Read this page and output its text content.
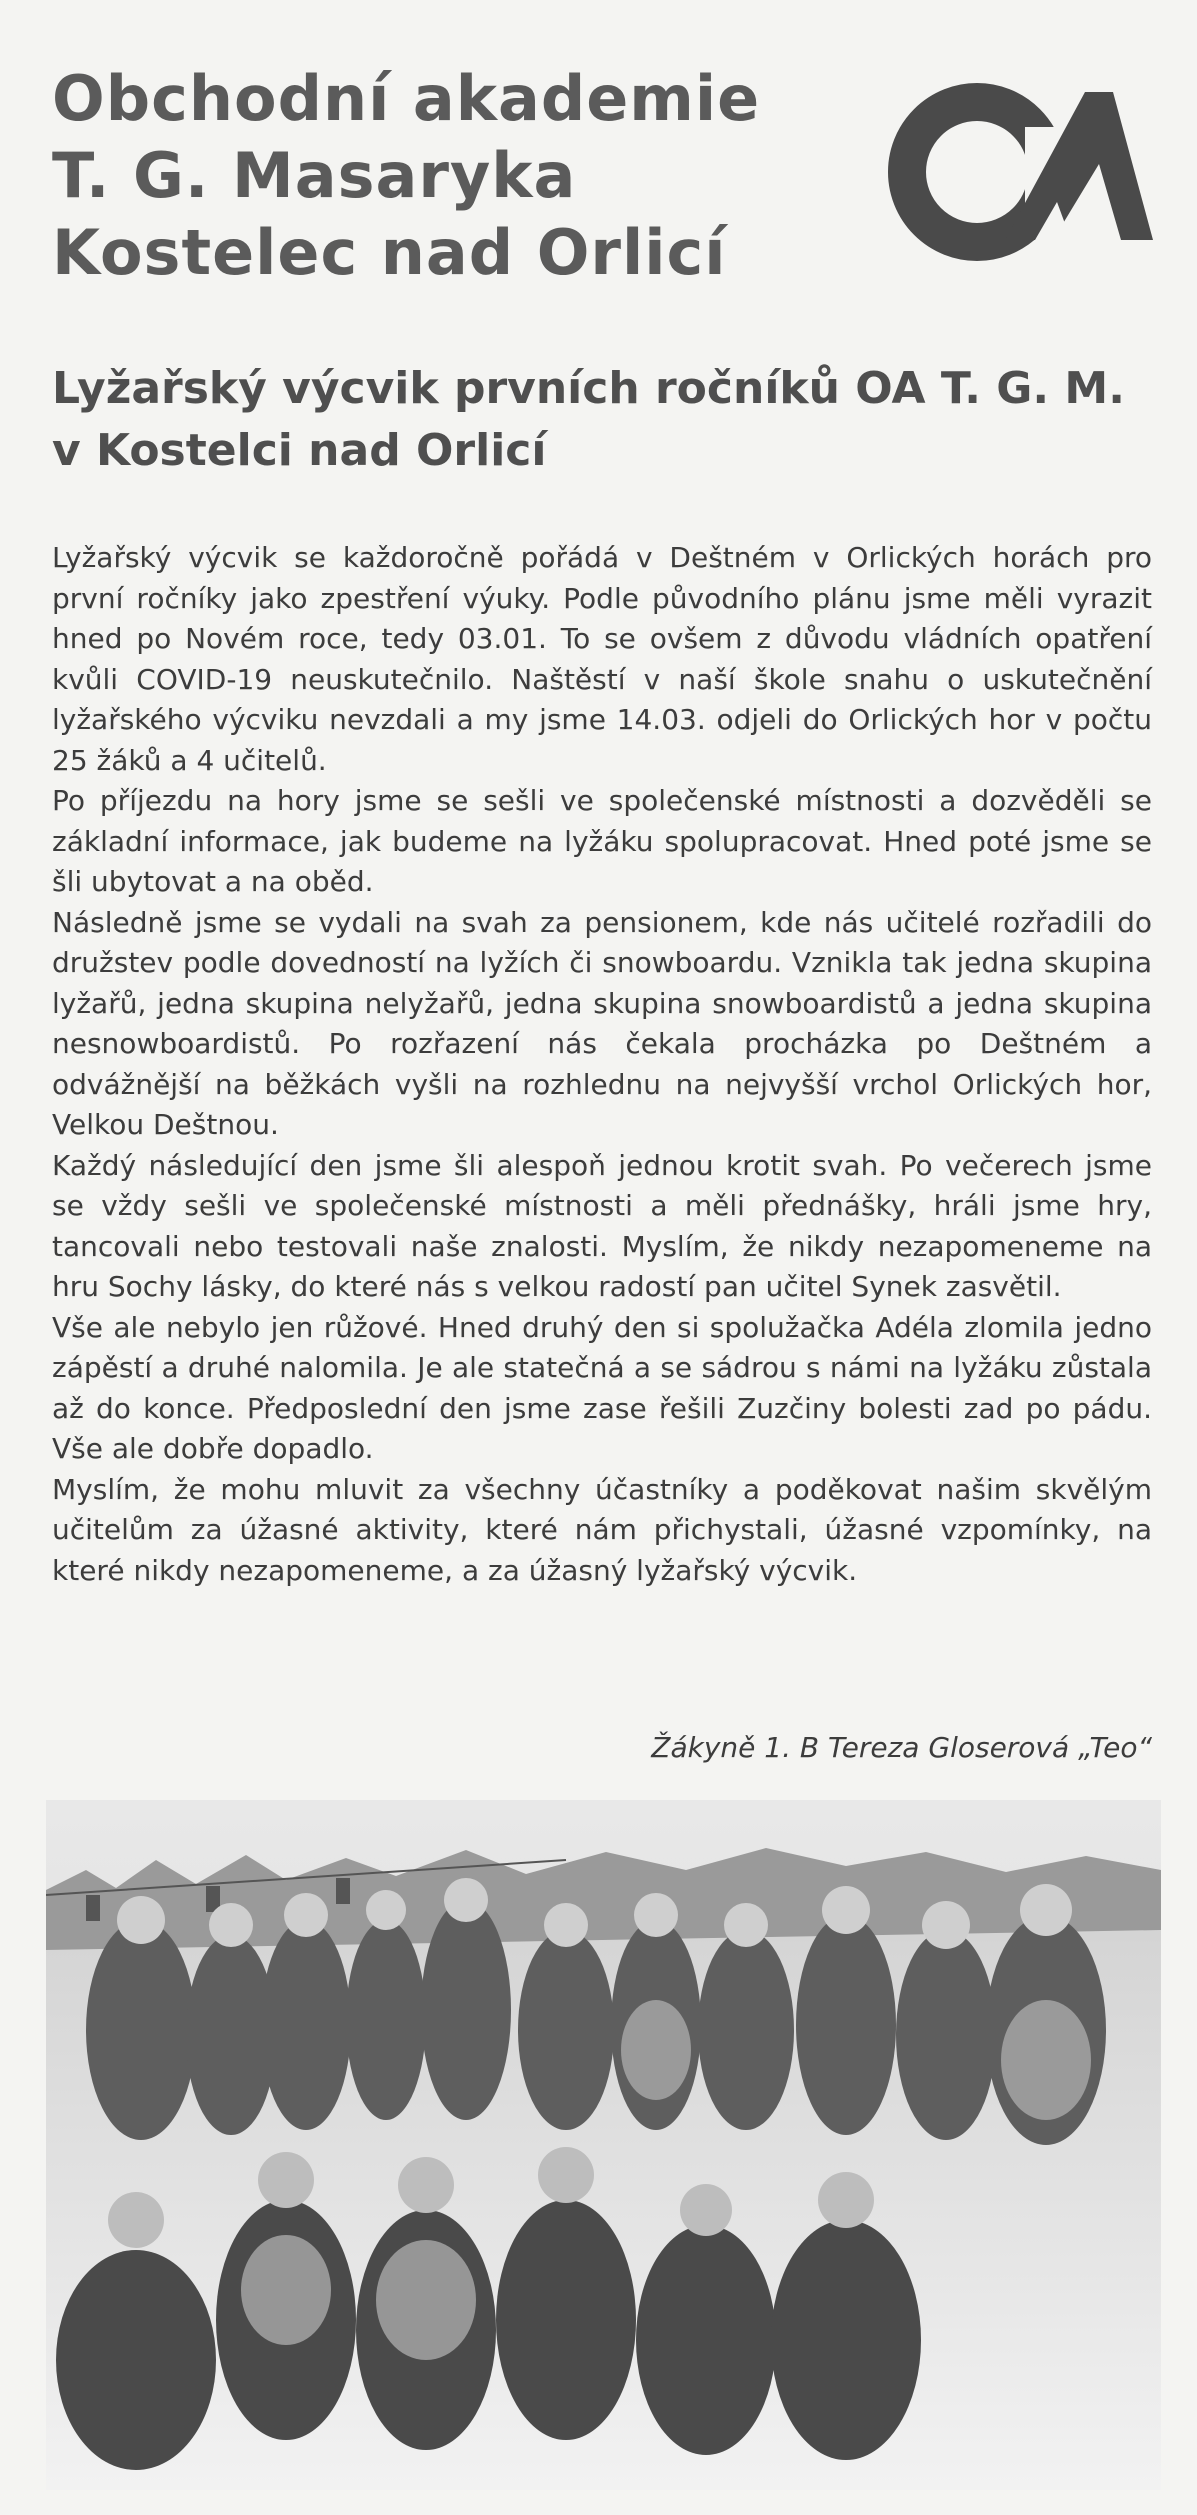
Obchodní akademie
T. G. Masaryka
Kostelec nad Orlicí
Lyžařský výcvik prvních ročníků OA T. G. M.
v Kostelci nad Orlicí

Lyžařský výcvik se každoročně pořádá v Deštném v Orlických horách pro první ročníky jako zpestření výuky. Podle původního plánu jsme měli vyrazit hned po Novém roce, tedy 03.01. To se ovšem z důvodu vládních opatření kvůli COVID-19 neuskutečnilo. Naštěstí v naší škole snahu o uskutečnění lyžařského výcviku nevzdali a my jsme 14.03. odjeli do Orlických hor v počtu 25 žáků a 4 učitelů.

Po příjezdu na hory jsme se sešli ve společenské místnosti a dozvěděli se základní informace, jak budeme na lyžáku spolupracovat. Hned poté jsme se šli ubytovat a na oběd.

Následně jsme se vydali na svah za pensionem, kde nás učitelé rozřadili do družstev podle dovedností na lyžích či snowboardu. Vznikla tak jedna skupina lyžařů, jedna skupina nelyžařů, jedna skupina snowboardistů a jedna skupina nesnowboardistů. Po rozřazení nás čekala procházka po Deštném a odvážnější na běžkách vyšli na rozhlednu na nejvyšší vrchol Orlických hor, Velkou Deštnou.

Každý následující den jsme šli alespoň jednou krotit svah. Po večerech jsme se vždy sešli ve společenské místnosti a měli přednášky, hráli jsme hry, tancovali nebo testovali naše znalosti. Myslím, že nikdy nezapomeneme na hru Sochy lásky, do které nás s velkou radostí pan učitel Synek zasvětil.

Vše ale nebylo jen růžové. Hned druhý den si spolužačka Adéla zlomila jedno zápěstí a druhé nalomila. Je ale statečná a se sádrou s námi na lyžáku zůstala až do konce. Předposlední den jsme zase řešili Zuzčiny bolesti zad po pádu. Vše ale dobře dopadlo.

Myslím, že mohu mluvit za všechny účastníky a poděkovat našim skvělým učitelům za úžasné aktivity, které nám přichystali, úžasné vzpomínky, na které nikdy nezapomeneme, a za úžasný lyžařský výcvik.

Žákyně 1. B Tereza Gloserová „Teo“
